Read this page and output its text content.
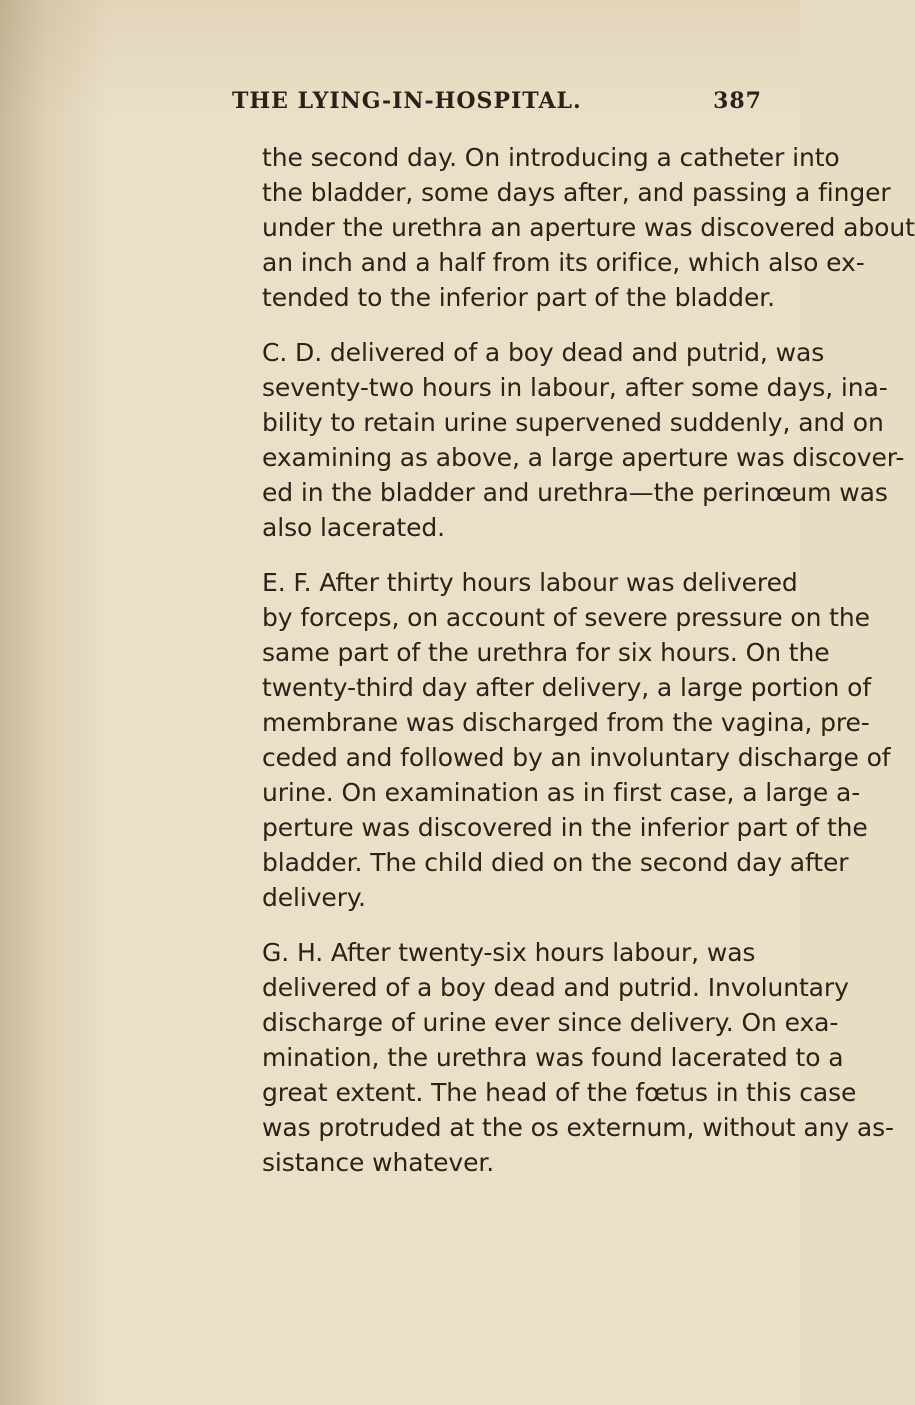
THE LYING-IN-HOSPITAL.	387

the second day. On introducing a catheter into
the bladder, some days after, and passing a finger
under the urethra an aperture was discovered about
an inch and a half from its orifice, which also ex-
tended to the inferior part of the bladder.

C. D. delivered of a boy dead and putrid, was
seventy-two hours in labour, after some days, ina-
bility to retain urine supervened suddenly, and on
examining as above, a large aperture was discover-
ed in the bladder and urethra—the perinœum was
also lacerated.

E. F. After thirty hours labour was delivered
by forceps, on account of severe pressure on the
same part of the urethra for six hours. On the
twenty-third day after delivery, a large portion of
membrane was discharged from the vagina, pre-
ceded and followed by an involuntary discharge of
urine. On examination as in first case, a large a-
perture was discovered in the inferior part of the
bladder. The child died on the second day after
delivery.

G. H. After twenty-six hours labour, was
delivered of a boy dead and putrid. Involuntary
discharge of urine ever since delivery. On exa-
mination, the urethra was found lacerated to a
great extent. The head of the fœtus in this case
was protruded at the os externum, without any as-
sistance whatever.
